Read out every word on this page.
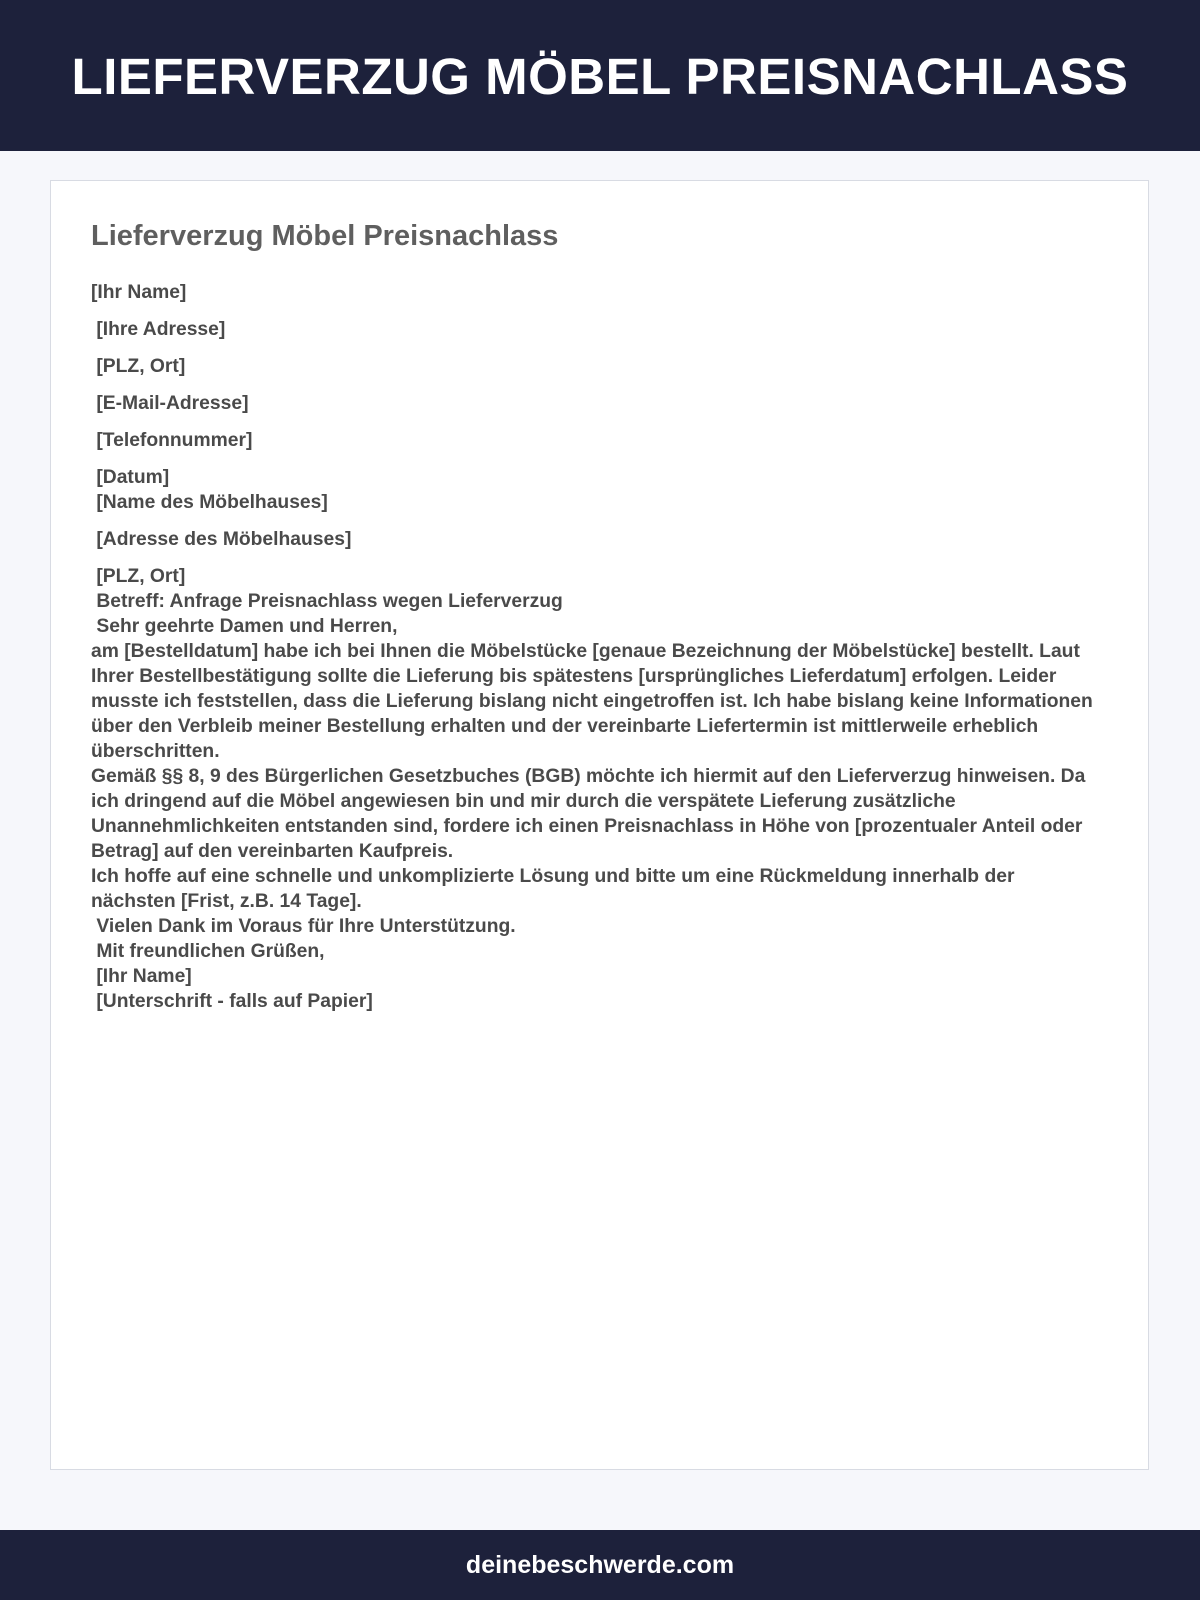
LIEFERVERZUG MÖBEL PREISNACHLASS
Lieferverzug Möbel Preisnachlass
[Ihr Name]
[Ihre Adresse]
[PLZ, Ort]
[E-Mail-Adresse]
[Telefonnummer]
[Datum]
[Name des Möbelhauses]
[Adresse des Möbelhauses]
[PLZ, Ort]
Betreff: Anfrage Preisnachlass wegen Lieferverzug
Sehr geehrte Damen und Herren,
am [Bestelldatum] habe ich bei Ihnen die Möbelstücke [genaue Bezeichnung der Möbelstücke] bestellt. Laut Ihrer Bestellbestätigung sollte die Lieferung bis spätestens [ursprüngliches Lieferdatum] erfolgen. Leider musste ich feststellen, dass die Lieferung bislang nicht eingetroffen ist. Ich habe bislang keine Informationen über den Verbleib meiner Bestellung erhalten und der vereinbarte Liefertermin ist mittlerweile erheblich überschritten.
Gemäß §§ 8, 9 des Bürgerlichen Gesetzbuches (BGB) möchte ich hiermit auf den Lieferverzug hinweisen. Da ich dringend auf die Möbel angewiesen bin und mir durch die verspätete Lieferung zusätzliche Unannehmlichkeiten entstanden sind, fordere ich einen Preisnachlass in Höhe von [prozentualer Anteil oder Betrag] auf den vereinbarten Kaufpreis.
Ich hoffe auf eine schnelle und unkomplizierte Lösung und bitte um eine Rückmeldung innerhalb der nächsten [Frist, z.B. 14 Tage].
Vielen Dank im Voraus für Ihre Unterstützung.
Mit freundlichen Grüßen,
[Ihr Name]
[Unterschrift - falls auf Papier]
deinebeschwerde.com
